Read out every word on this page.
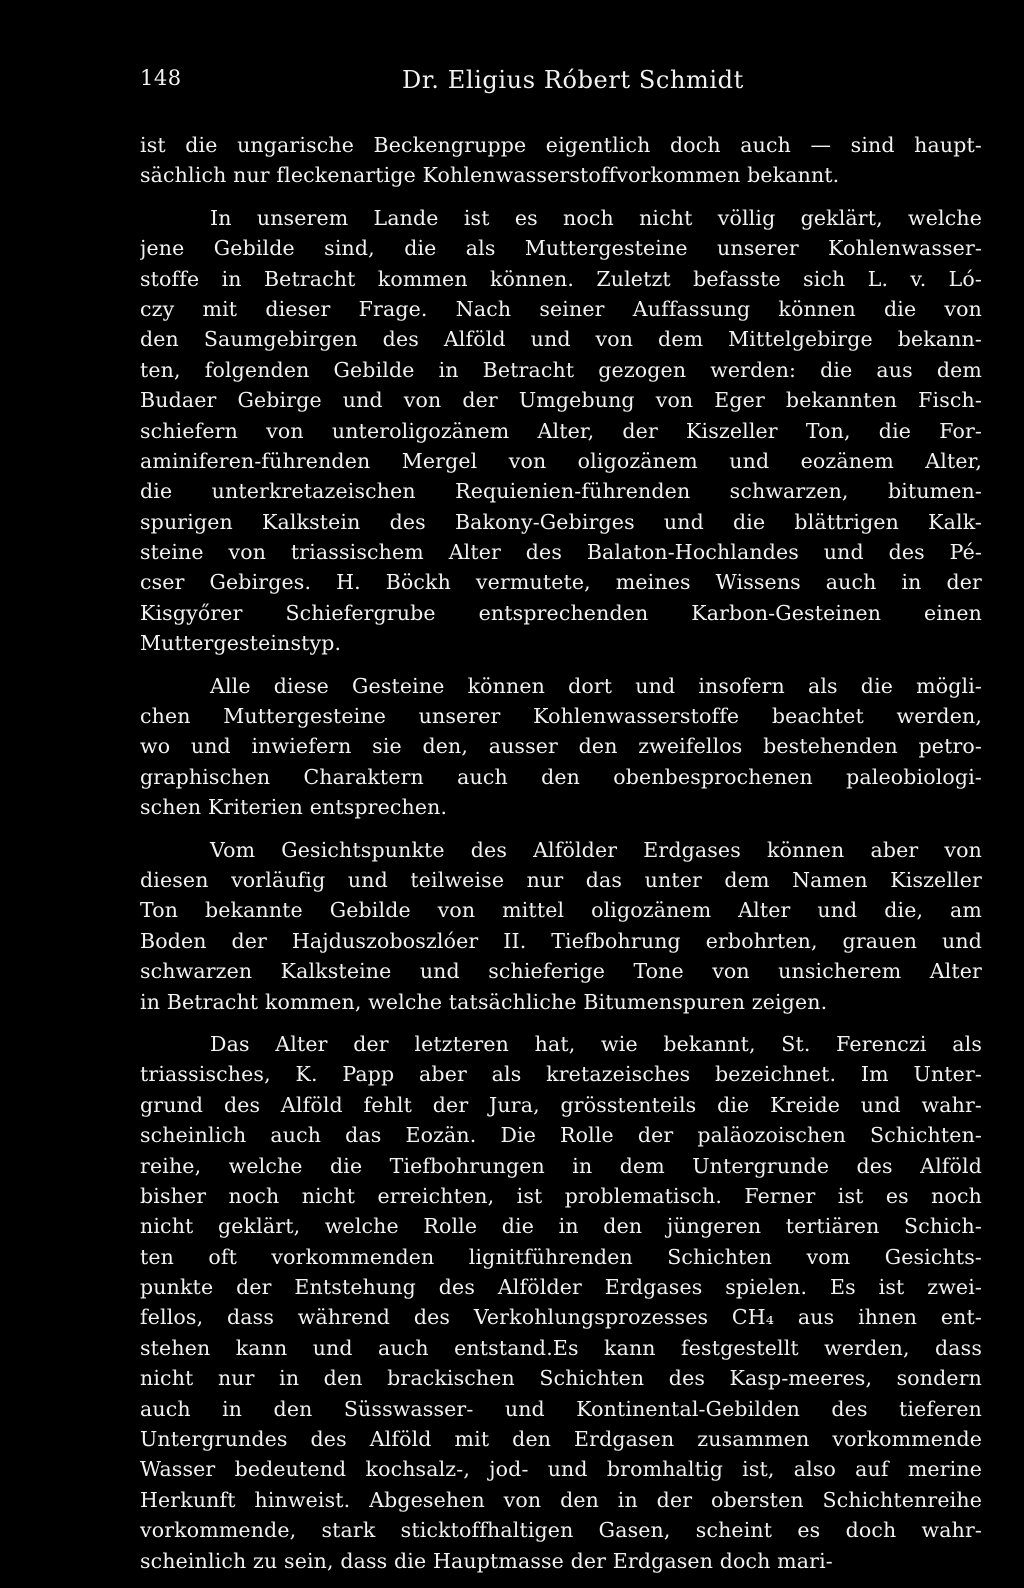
148	Dr. Eligius Róbert Schmidt
ist die ungarische Beckengruppe eigentlich doch auch — sind haupt-
sächlich nur fleckenartige Kohlenwasserstoffvorkommen bekannt.
In unserem Lande ist es noch nicht völlig geklärt, welche
jene Gebilde sind, die als Muttergesteine unserer Kohlenwasser-
stoffe in Betracht kommen können. Zuletzt befasste sich L. v. Ló-
czy mit dieser Frage. Nach seiner Auffassung können die von
den Saumgebirgen des Alföld und von dem Mittelgebirge bekann-
ten, folgenden Gebilde in Betracht gezogen werden: die aus dem
Budaer Gebirge und von der Umgebung von Eger bekannten Fisch-
schiefern von unteroligozänem Alter, der Kiszeller Ton, die For-
aminiferen-führenden Mergel von oligozänem und eozänem Alter,
die unterkretazeischen Requienien-führenden schwarzen, bitumen-
spurigen Kalkstein des Bakony-Gebirges und die blättrigen Kalk-
steine von triassischem Alter des Balaton-Hochlandes und des Pé-
cser Gebirges. H. Böckh vermutete, meines Wissens auch in der
Kisgyőrer Schiefergrube entsprechenden Karbon-Gesteinen einen
Muttergesteinstyp.
Alle diese Gesteine können dort und insofern als die mögli-
chen Muttergesteine unserer Kohlenwasserstoffe beachtet werden,
wo und inwiefern sie den, ausser den zweifellos bestehenden petro-
graphischen Charaktern auch den obenbesprochenen paleobiologi-
schen Kriterien entsprechen.
Vom Gesichtspunkte des Alfölder Erdgases können aber von
diesen vorläufig und teilweise nur das unter dem Namen Kiszeller
Ton bekannte Gebilde von mittel oligozänem Alter und die, am
Boden der Hajduszoboszlóer II. Tiefbohrung erbohrten, grauen und
schwarzen Kalksteine und schieferige Tone von unsicherem Alter
in Betracht kommen, welche tatsächliche Bitumenspuren zeigen.
Das Alter der letzteren hat, wie bekannt, St. Ferenczi als
triassisches, K. Papp aber als kretazeisches bezeichnet. Im Unter-
grund des Alföld fehlt der Jura, grösstenteils die Kreide und wahr-
scheinlich auch das Eozän. Die Rolle der paläozoischen Schichten-
reihe, welche die Tiefbohrungen in dem Untergrunde des Alföld
bisher noch nicht erreichten, ist problematisch. Ferner ist es noch
nicht geklärt, welche Rolle die in den jüngeren tertiären Schich-
ten oft vorkommenden lignitführenden Schichten vom Gesichts-
punkte der Entstehung des Alfölder Erdgases spielen. Es ist zwei-
fellos, dass während des Verkohlungsprozesses CH₄ aus ihnen ent-
stehen kann und auch entstand.Es kann festgestellt werden, dass
nicht nur in den brackischen Schichten des Kasp-meeres, sondern
auch in den Süsswasser- und Kontinental-Gebilden des tieferen
Untergrundes des Alföld mit den Erdgasen zusammen vorkommende
Wasser bedeutend kochsalz-, jod- und bromhaltig ist, also auf merine
Herkunft hinweist. Abgesehen von den in der obersten Schichtenreihe
vorkommende, stark sticktoffhaltigen Gasen, scheint es doch wahr-
scheinlich zu sein, dass die Hauptmasse der Erdgasen doch mari-
